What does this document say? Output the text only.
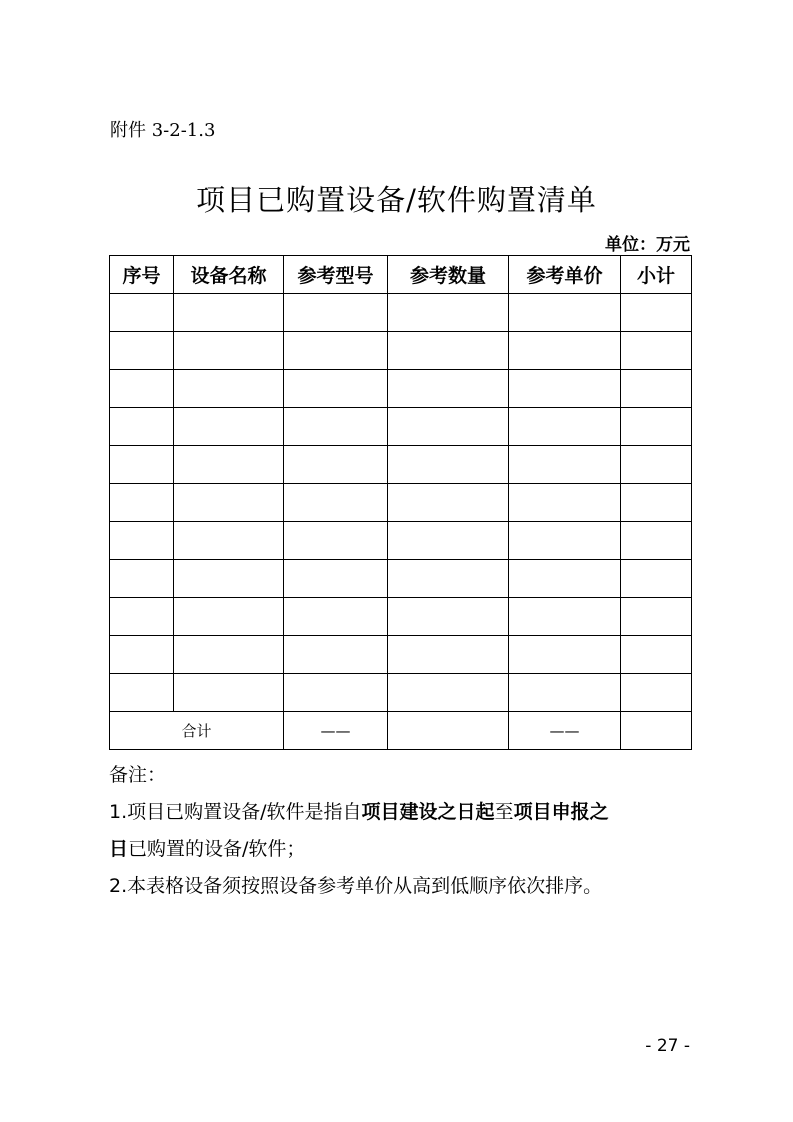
附件 3-2-1.3
项目已购置设备/软件购置清单
单位：万元
序号	设备名称	参考型号	参考数量	参考单价	小计

合计		——		——	
备注：
1.项目已购置设备/软件是指自项目建设之日起至项目申报之
日已购置的设备/软件；
2.本表格设备须按照设备参考单价从高到低顺序依次排序。
- 27 -
